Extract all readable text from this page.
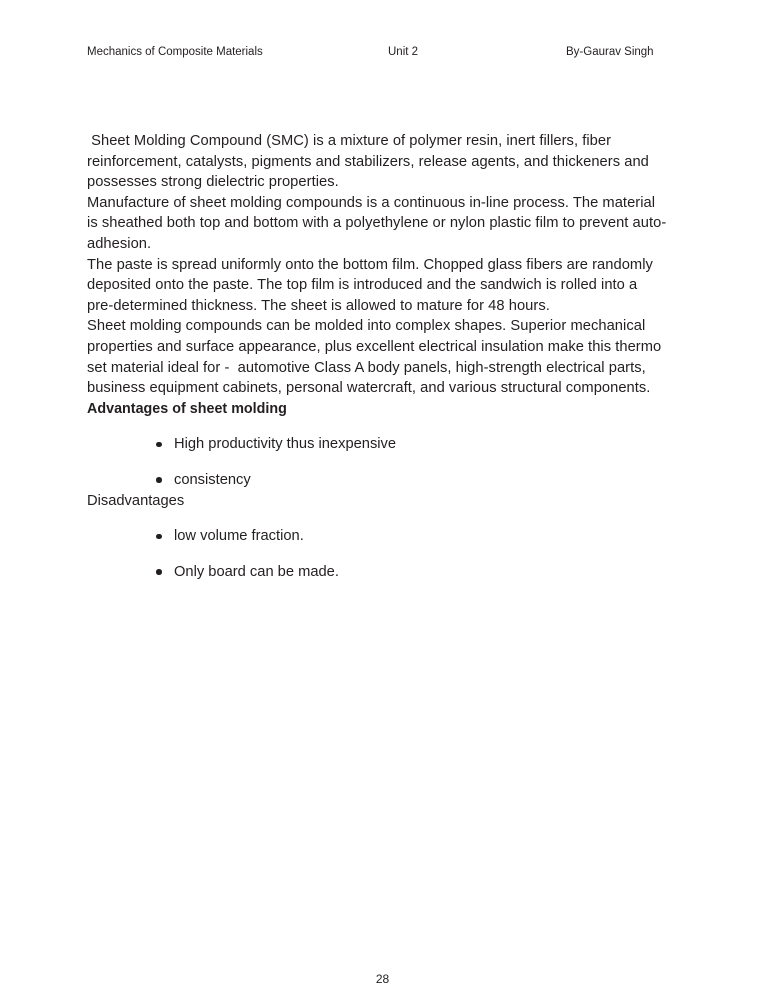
Mechanics of Composite Materials	Unit 2	By-Gaurav Singh

Sheet Molding Compound (SMC) is a mixture of polymer resin, inert fillers, fiber reinforcement, catalysts, pigments and stabilizers, release agents, and thickeners and possesses strong dielectric properties.

Manufacture of sheet molding compounds is a continuous in-line process. The material is sheathed both top and bottom with a polyethylene or nylon plastic film to prevent auto-adhesion.

The paste is spread uniformly onto the bottom film. Chopped glass fibers are randomly deposited onto the paste. The top film is introduced and the sandwich is rolled into a pre-determined thickness. The sheet is allowed to mature for 48 hours.

Sheet molding compounds can be molded into complex shapes. Superior mechanical properties and surface appearance, plus excellent electrical insulation make this thermo set material ideal for -  automotive Class A body panels, high-strength electrical parts, business equipment cabinets, personal watercraft, and various structural components.

Advantages of sheet molding
High productivity thus inexpensive
consistency

Disadvantages

low volume fraction.
Only board can be made.
28
